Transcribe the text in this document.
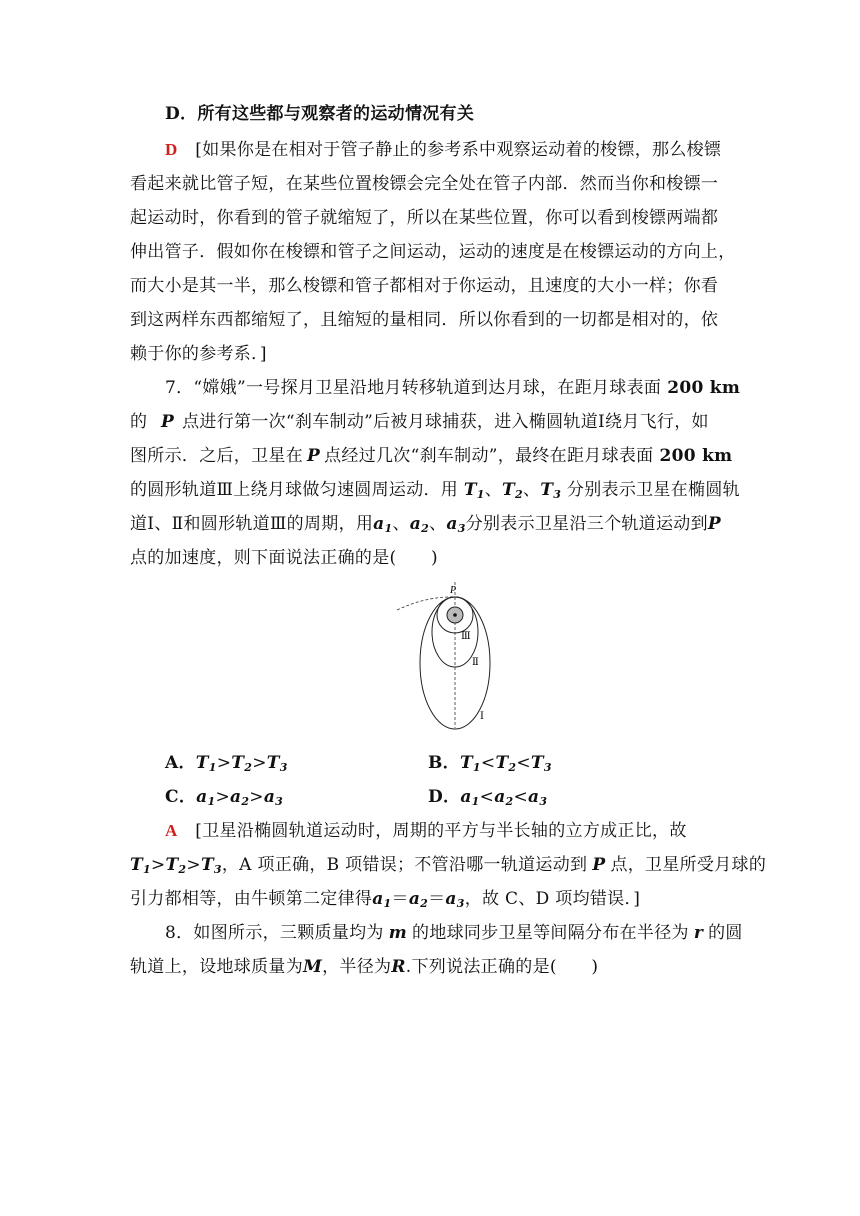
D．所有这些都与观察者的运动情况有关
D [如果你是在相对于管子静止的参考系中观察运动着的梭镖，那么梭镖
看起来就比管子短，在某些位置梭镖会完全处在管子内部．然而当你和梭镖一
起运动时，你看到的管子就缩短了，所以在某些位置，你可以看到梭镖两端都
伸出管子．假如你在梭镖和管子之间运动，运动的速度是在梭镖运动的方向上，
而大小是其一半，那么梭镖和管子都相对于你运动，且速度的大小一样；你看
到这两样东西都缩短了，且缩短的量相同．所以你看到的一切都是相对的，依
赖于你的参考系．]
7．“嫦娥”一号探月卫星沿地月转移轨道到达月球，在距月球表面 200 km
的 P 点进行第一次“刹车制动”后被月球捕获，进入椭圆轨道Ⅰ绕月飞行，如
图所示．之后，卫星在 P 点经过几次“刹车制动”，最终在距月球表面 200 km
的圆形轨道Ⅲ上绕月球做匀速圆周运动．用 $T_1$、$T_2$、$T_3$ 分别表示卫星在椭圆轨
道Ⅰ、Ⅱ和圆形轨道Ⅲ的周期，用$a_1$、$a_2$、$a_3$分别表示卫星沿三个轨道运动到P
点的加速度，则下面说法正确的是(　　)
P
Ⅲ
Ⅱ
Ⅰ
A．$T_1>T_2>T_3$	B．$T_1<T_2<T_3$
C．$a_1>a_2>a_3$	D．$a_1<a_2<a_3$
A [卫星沿椭圆轨道运动时，周期的平方与半长轴的立方成正比，故
$T_1>T_2>T_3$，A 项正确，B 项错误；不管沿哪一轨道运动到 P 点，卫星所受月球的
引力都相等，由牛顿第二定律得$a_1=a_2=a_3$，故 C、D 项均错误．]
8．如图所示，三颗质量均为 m 的地球同步卫星等间隔分布在半径为 r 的圆
轨道上，设地球质量为M，半径为R.下列说法正确的是(　　)
